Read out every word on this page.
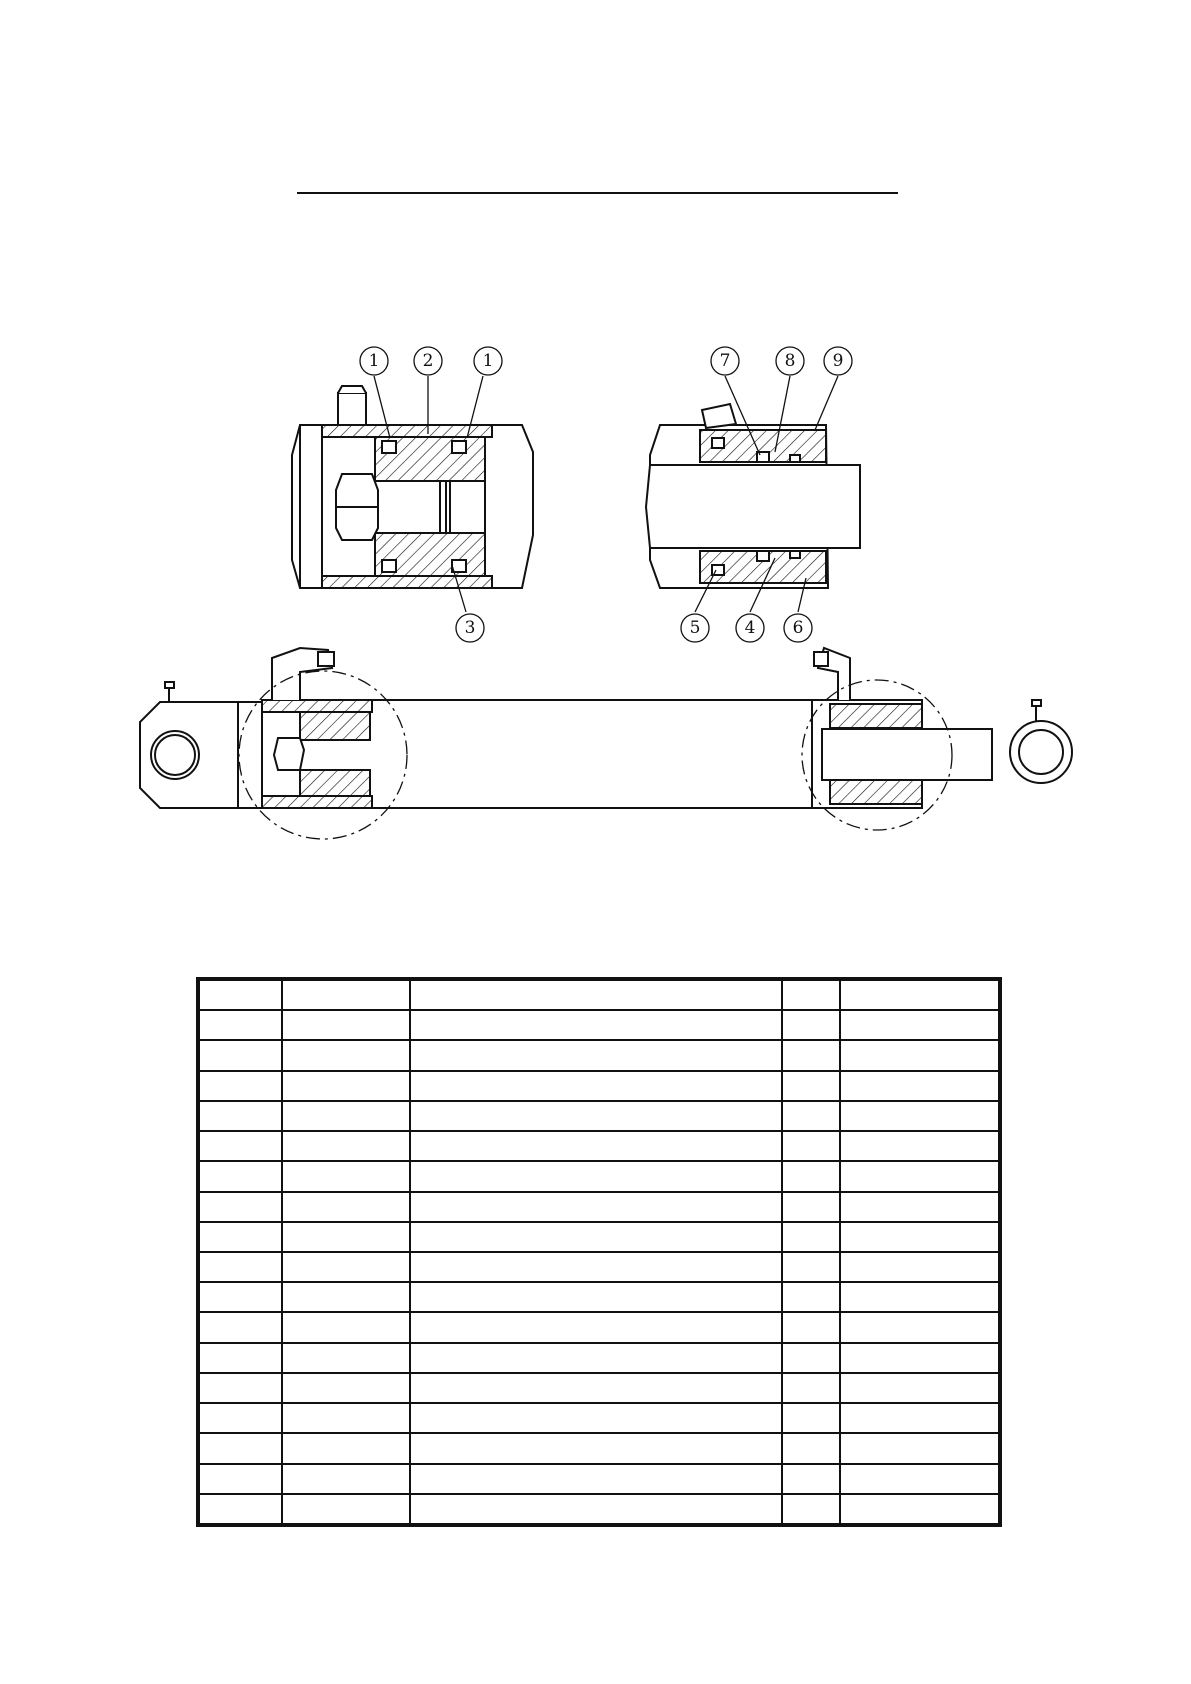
1	2	1
3
7	8 9
5	4 6
